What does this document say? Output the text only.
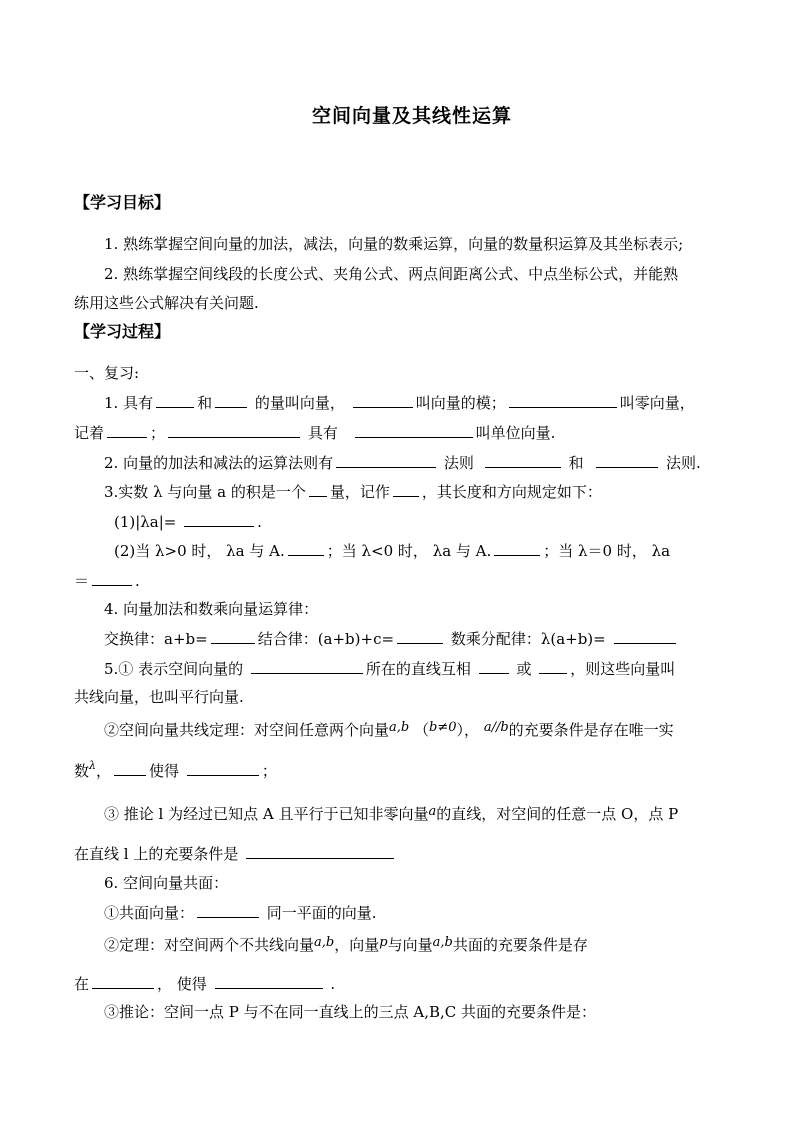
空间向量及其线性运算
【学习目标】
1. 熟练掌握空间向量的加法，减法，向量的数乘运算，向量的数量积运算及其坐标表示;
2. 熟练掌握空间线段的长度公式、夹角公式、两点间距离公式、中点坐标公式，并能熟
练用这些公式解决有关问题.
【学习过程】
一、复习:
1. 具有	和	的量叫向量，	叫向量的模；	叫零向量，
记着	；	具有	叫单位向量.
2. 向量的加法和减法的运算法则有	法则	和	法则.
3.实数 λ 与向量 a 的积是一个 量，记作 ，其长度和方向规定如下：
(1)|λa|=	.
(2)当 λ>0 时， λa 与 A.	；当 λ<0 时， λa 与 A.	；当 λ＝0 时， λa
＝	.
4. 向量加法和数乘向量运算律：
交换律：a+b=	结合律：(a+b)+c=	数乘分配律：λ(a+b)=
5.① 表示空间向量的	所在的直线互相	或	，则这些向量叫
共线向量，也叫平行向量.
②空间向量共线定理：对空间任意两个向量a,b （b≠0）， a//b的充要条件是存在唯一实
数$^\lambda$，	使得	；
③ 推论 l 为经过已知点 A 且平行于已知非零向量a的直线，对空间的任意一点 O，点 P
在直线 l 上的充要条件是
6. 空间向量共面：
①共面向量：	同一平面的向量.
②定理：对空间两个不共线向量a,b，向量p与向量a,b共面的充要条件是存
在	， 使得	.
③推论：空间一点 P 与不在同一直线上的三点 A,B,C 共面的充要条件是：
